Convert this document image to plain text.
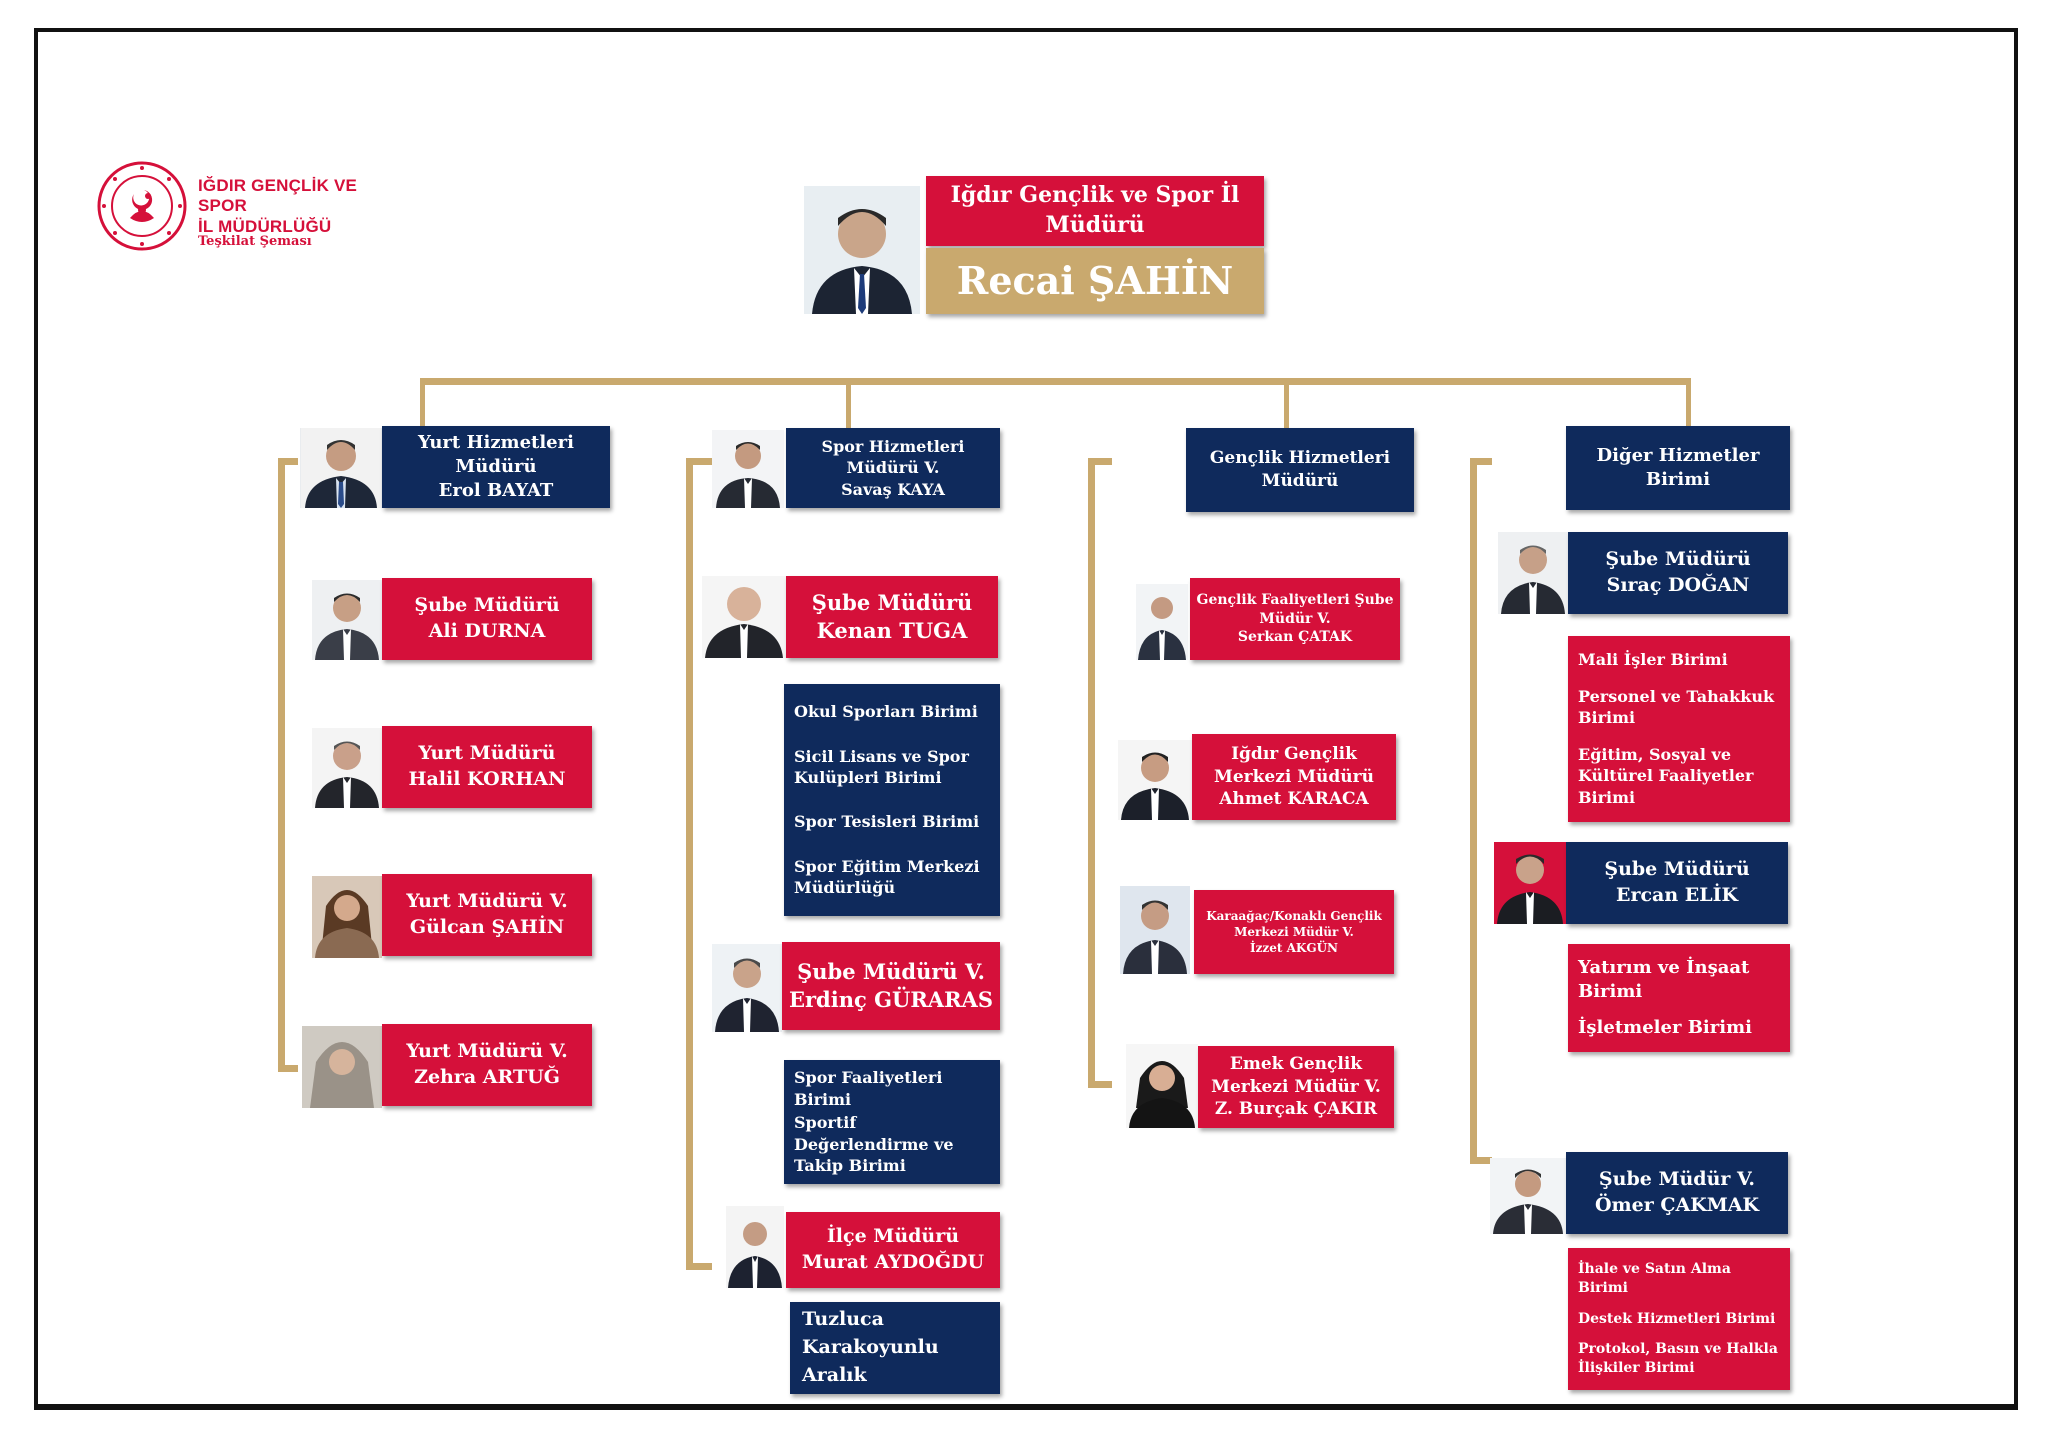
IĞDIR GENÇLİK VE SPOR
İL MÜDÜRLÜĞÜ
Teşkilat Şeması
Iğdır Gençlik ve Spor İl Müdürü
Recai ŞAHİN
Yurt Hizmetleri Müdürü
Erol BAYAT
Şube Müdürü
Ali DURNA
Yurt Müdürü
Halil KORHAN
Yurt Müdürü V.
Gülcan ŞAHİN
Yurt Müdürü V.
Zehra ARTUĞ
Spor Hizmetleri Müdürü V.
Savaş KAYA
Şube Müdürü
Kenan TUGA
Okul Sporları Birimi
Sicil Lisans ve Spor Kulüpleri Birimi
Spor Tesisleri Birimi
Spor Eğitim Merkezi Müdürlüğü
Şube Müdürü V.
Erdinç GÜRARAS
Spor Faaliyetleri Birimi
Sportif Değerlendirme ve Takip Birimi
İlçe Müdürü
Murat AYDOĞDU
Tuzluca
Karakoyunlu
Aralık
Gençlik Hizmetleri Müdürü
Gençlik Faaliyetleri Şube Müdür V.
Serkan ÇATAK
Iğdır Gençlik Merkezi Müdürü
Ahmet KARACA
Karaağaç/Konaklı Gençlik Merkezi Müdür V.
İzzet AKGÜN
Emek Gençlik Merkezi Müdür V.
Z. Burçak ÇAKIR
Diğer Hizmetler Birimi
Şube Müdürü
Sıraç DOĞAN
Mali İşler Birimi
Personel ve Tahakkuk Birimi
Eğitim, Sosyal ve Kültürel Faaliyetler Birimi
Şube Müdürü
Ercan ELİK
Yatırım ve İnşaat Birimi
İşletmeler Birimi
Şube Müdür V.
Ömer ÇAKMAK
İhale ve Satın Alma Birimi
Destek Hizmetleri Birimi
Protokol, Basın ve Halkla İlişkiler Birimi
